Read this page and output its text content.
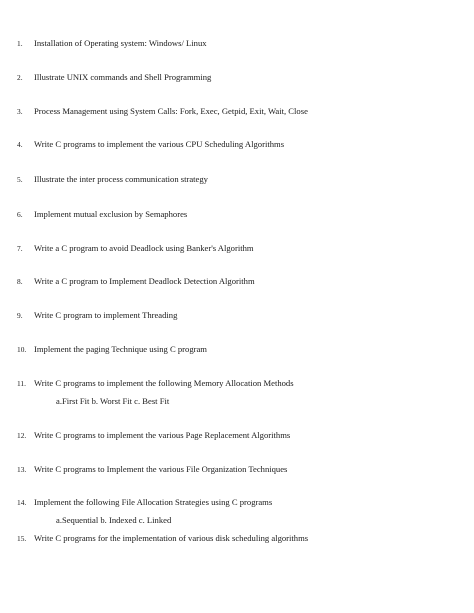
1. Installation of Operating system: Windows/ Linux
2. Illustrate UNIX commands and Shell Programming
3. Process Management using System Calls: Fork, Exec, Getpid, Exit, Wait, Close
4. Write C programs to implement the various CPU Scheduling Algorithms
5. Illustrate the inter process communication strategy
6. Implement mutual exclusion by Semaphores
7. Write a C program to avoid Deadlock using Banker's Algorithm
8. Write a C program to Implement Deadlock Detection Algorithm
9. Write C program to implement Threading
10. Implement the paging Technique using C program
11. Write C programs to implement the following Memory Allocation Methods
a.First Fit b. Worst Fit c. Best Fit
12. Write C programs to implement the various Page Replacement Algorithms
13. Write C programs to Implement the various File Organization Techniques
14. Implement the following File Allocation Strategies using C programs
a.Sequential b. Indexed c. Linked
15. Write C programs for the implementation of various disk scheduling algorithms
